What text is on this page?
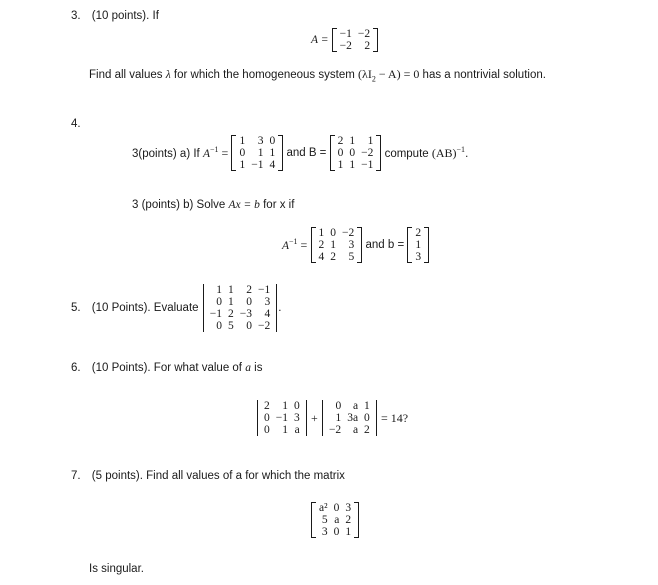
3. (10 points). If
A = −1	−2
−2	2
Find all values λ for which the homogeneous system $(\lambda I_2 - A) = 0$ has a nontrivial solution.
4.
3(points) a) If $A^{-1}$ =
1	3	0
0	1	1
1	−1	4
and B =
2	1	1
0	0	−2
1	1	−1
compute (AB)$^{-1}$.
3 (points) b) Solve Ax = b for x if
$A^{-1}$ =
1	0	−2
2	1	3
4	2	5
and b =
2
1
3
5. (10 Points). Evaluate
1	1	2	−1
0	1	0	3
−1	2	−3	4
0	5	0	−2
.
6. (10 Points). For what value of a is
2	1	0
0	−1	3
0	1	a
+
0	a	1
1	3a	0
−2	a	2
= 14?
7. (5 points). Find all values of a for which the matrix
a²	0	3
5	a	2
3	0	1
Is singular.
